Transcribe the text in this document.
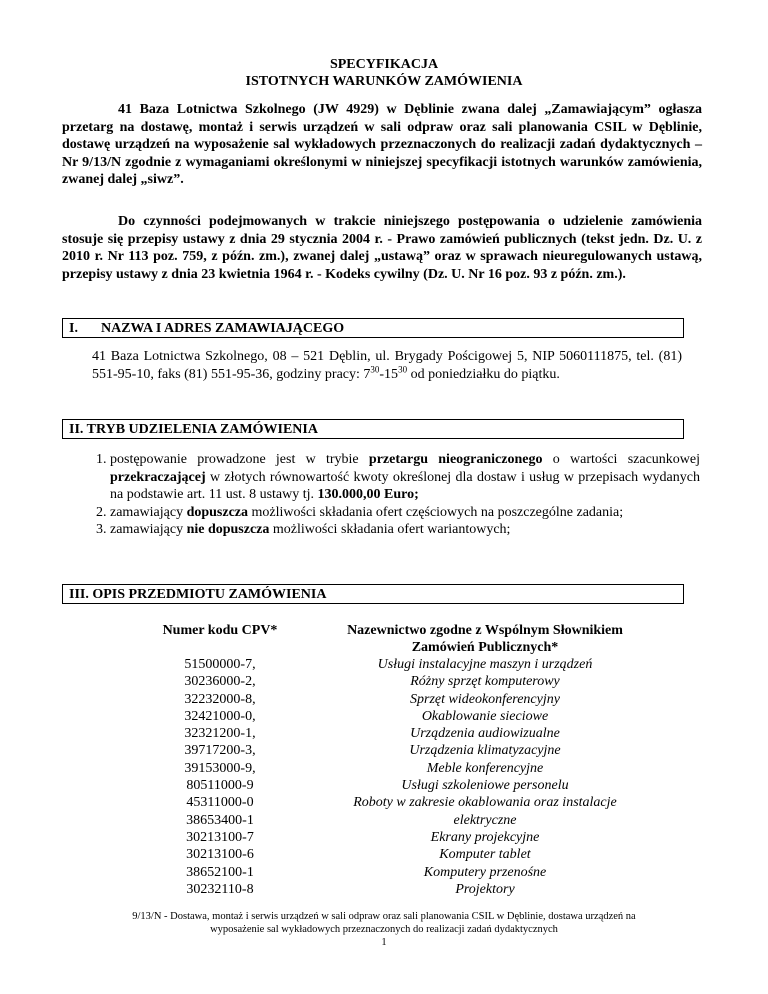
SPECYFIKACJA
ISTOTNYCH WARUNKÓW ZAMÓWIENIA
41 Baza Lotnictwa Szkolnego (JW 4929) w Dęblinie zwana dalej „Zamawiającym” ogłasza przetarg na dostawę, montaż i serwis urządzeń w sali odpraw oraz sali planowania CSIL w Dęblinie, dostawę urządzeń na wyposażenie sal wykładowych przeznaczonych do realizacji zadań dydaktycznych – Nr 9/13/N zgodnie z wymaganiami określonymi w niniejszej specyfikacji istotnych warunków zamówienia, zwanej dalej „siwz”.
Do czynności podejmowanych w trakcie niniejszego postępowania o udzielenie zamówienia stosuje się przepisy ustawy z dnia 29 stycznia 2004 r. - Prawo zamówień publicznych (tekst jedn. Dz. U. z 2010 r. Nr 113 poz. 759, z późn. zm.), zwanej dalej „ustawą” oraz w sprawach nieuregulowanych ustawą, przepisy ustawy z dnia 23 kwietnia 1964 r. - Kodeks cywilny (Dz. U. Nr 16 poz. 93 z późn. zm.).
I. NAZWA I ADRES ZAMAWIAJĄCEGO
41 Baza Lotnictwa Szkolnego, 08 – 521 Dęblin, ul. Brygady Pościgowej 5, NIP 5060111875, tel. (81) 551-95-10, faks (81) 551-95-36, godziny pracy: $7^{30}-15^{30}$ od poniedziałku do piątku.
II. TRYB UDZIELENIA ZAMÓWIENIA
1. postępowanie prowadzone jest w trybie przetargu nieograniczonego o wartości szacunkowej przekraczającej w złotych równowartość kwoty określonej dla dostaw i usług w przepisach wydanych na podstawie art. 11 ust. 8 ustawy tj. 130.000,00 Euro;
2. zamawiający dopuszcza możliwości składania ofert częściowych na poszczególne zadania;
3. zamawiający nie dopuszcza możliwości składania ofert wariantowych;
III. OPIS PRZEDMIOTU ZAMÓWIENIA
Numer kodu CPV*	Nazewnictwo zgodne z Wspólnym Słownikiem Zamówień Publicznych*
51500000-7,
30236000-2,
32232000-8,
32421000-0,
32321200-1,
39717200-3,
39153000-9,
80511000-9
45311000-0
38653400-1
30213100-7
30213100-6
38652100-1
30232110-8
Usługi instalacyjne maszyn i urządzeń
Różny sprzęt komputerowy
Sprzęt wideokonferencyjny
Okablowanie sieciowe
Urządzenia audiowizualne
Urządzenia klimatyzacyjne
Meble konferencyjne
Usługi szkoleniowe personelu
Roboty w zakresie okablowania oraz instalacje
elektryczne
Ekrany projekcyjne
Komputer tablet
Komputery przenośne
Projektory
9/13/N - Dostawa, montaż i serwis urządzeń w sali odpraw oraz sali planowania CSIL w Dęblinie, dostawa urządzeń na
wyposażenie sal wykładowych przeznaczonych do realizacji zadań dydaktycznych
1
